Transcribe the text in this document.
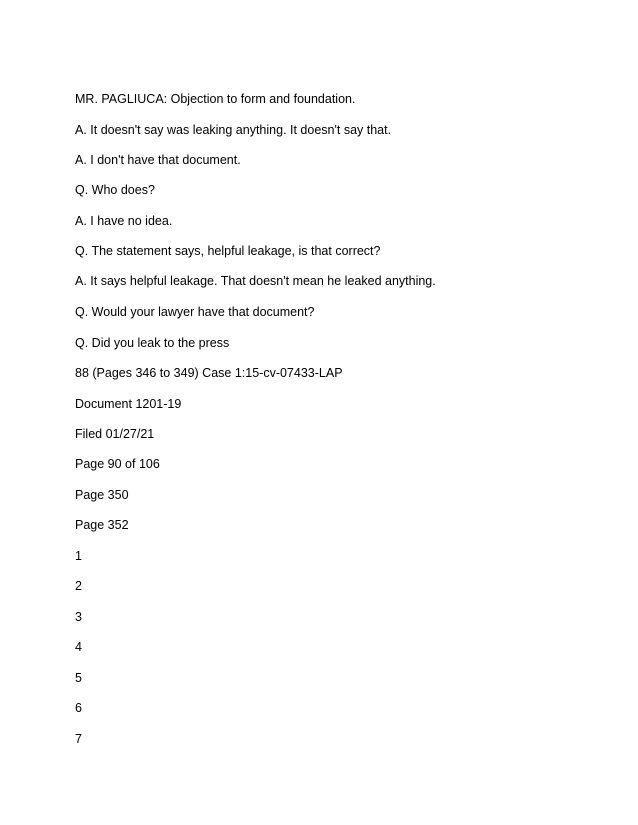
MR. PAGLIUCA: Objection to form and foundation.

A. It doesn't say was leaking anything. It doesn't say that.

A. I don't have that document.

Q. Who does?

A. I have no idea.

Q. The statement says, helpful leakage, is that correct?

A. It says helpful leakage. That doesn't mean he leaked anything.

Q. Would your lawyer have that document?

Q. Did you leak to the press

88 (Pages 346 to 349) Case 1:15-cv-07433-LAP

Document 1201-19

Filed 01/27/21

Page 90 of 106

Page 350

Page 352

1

2

3

4

5

6

7
